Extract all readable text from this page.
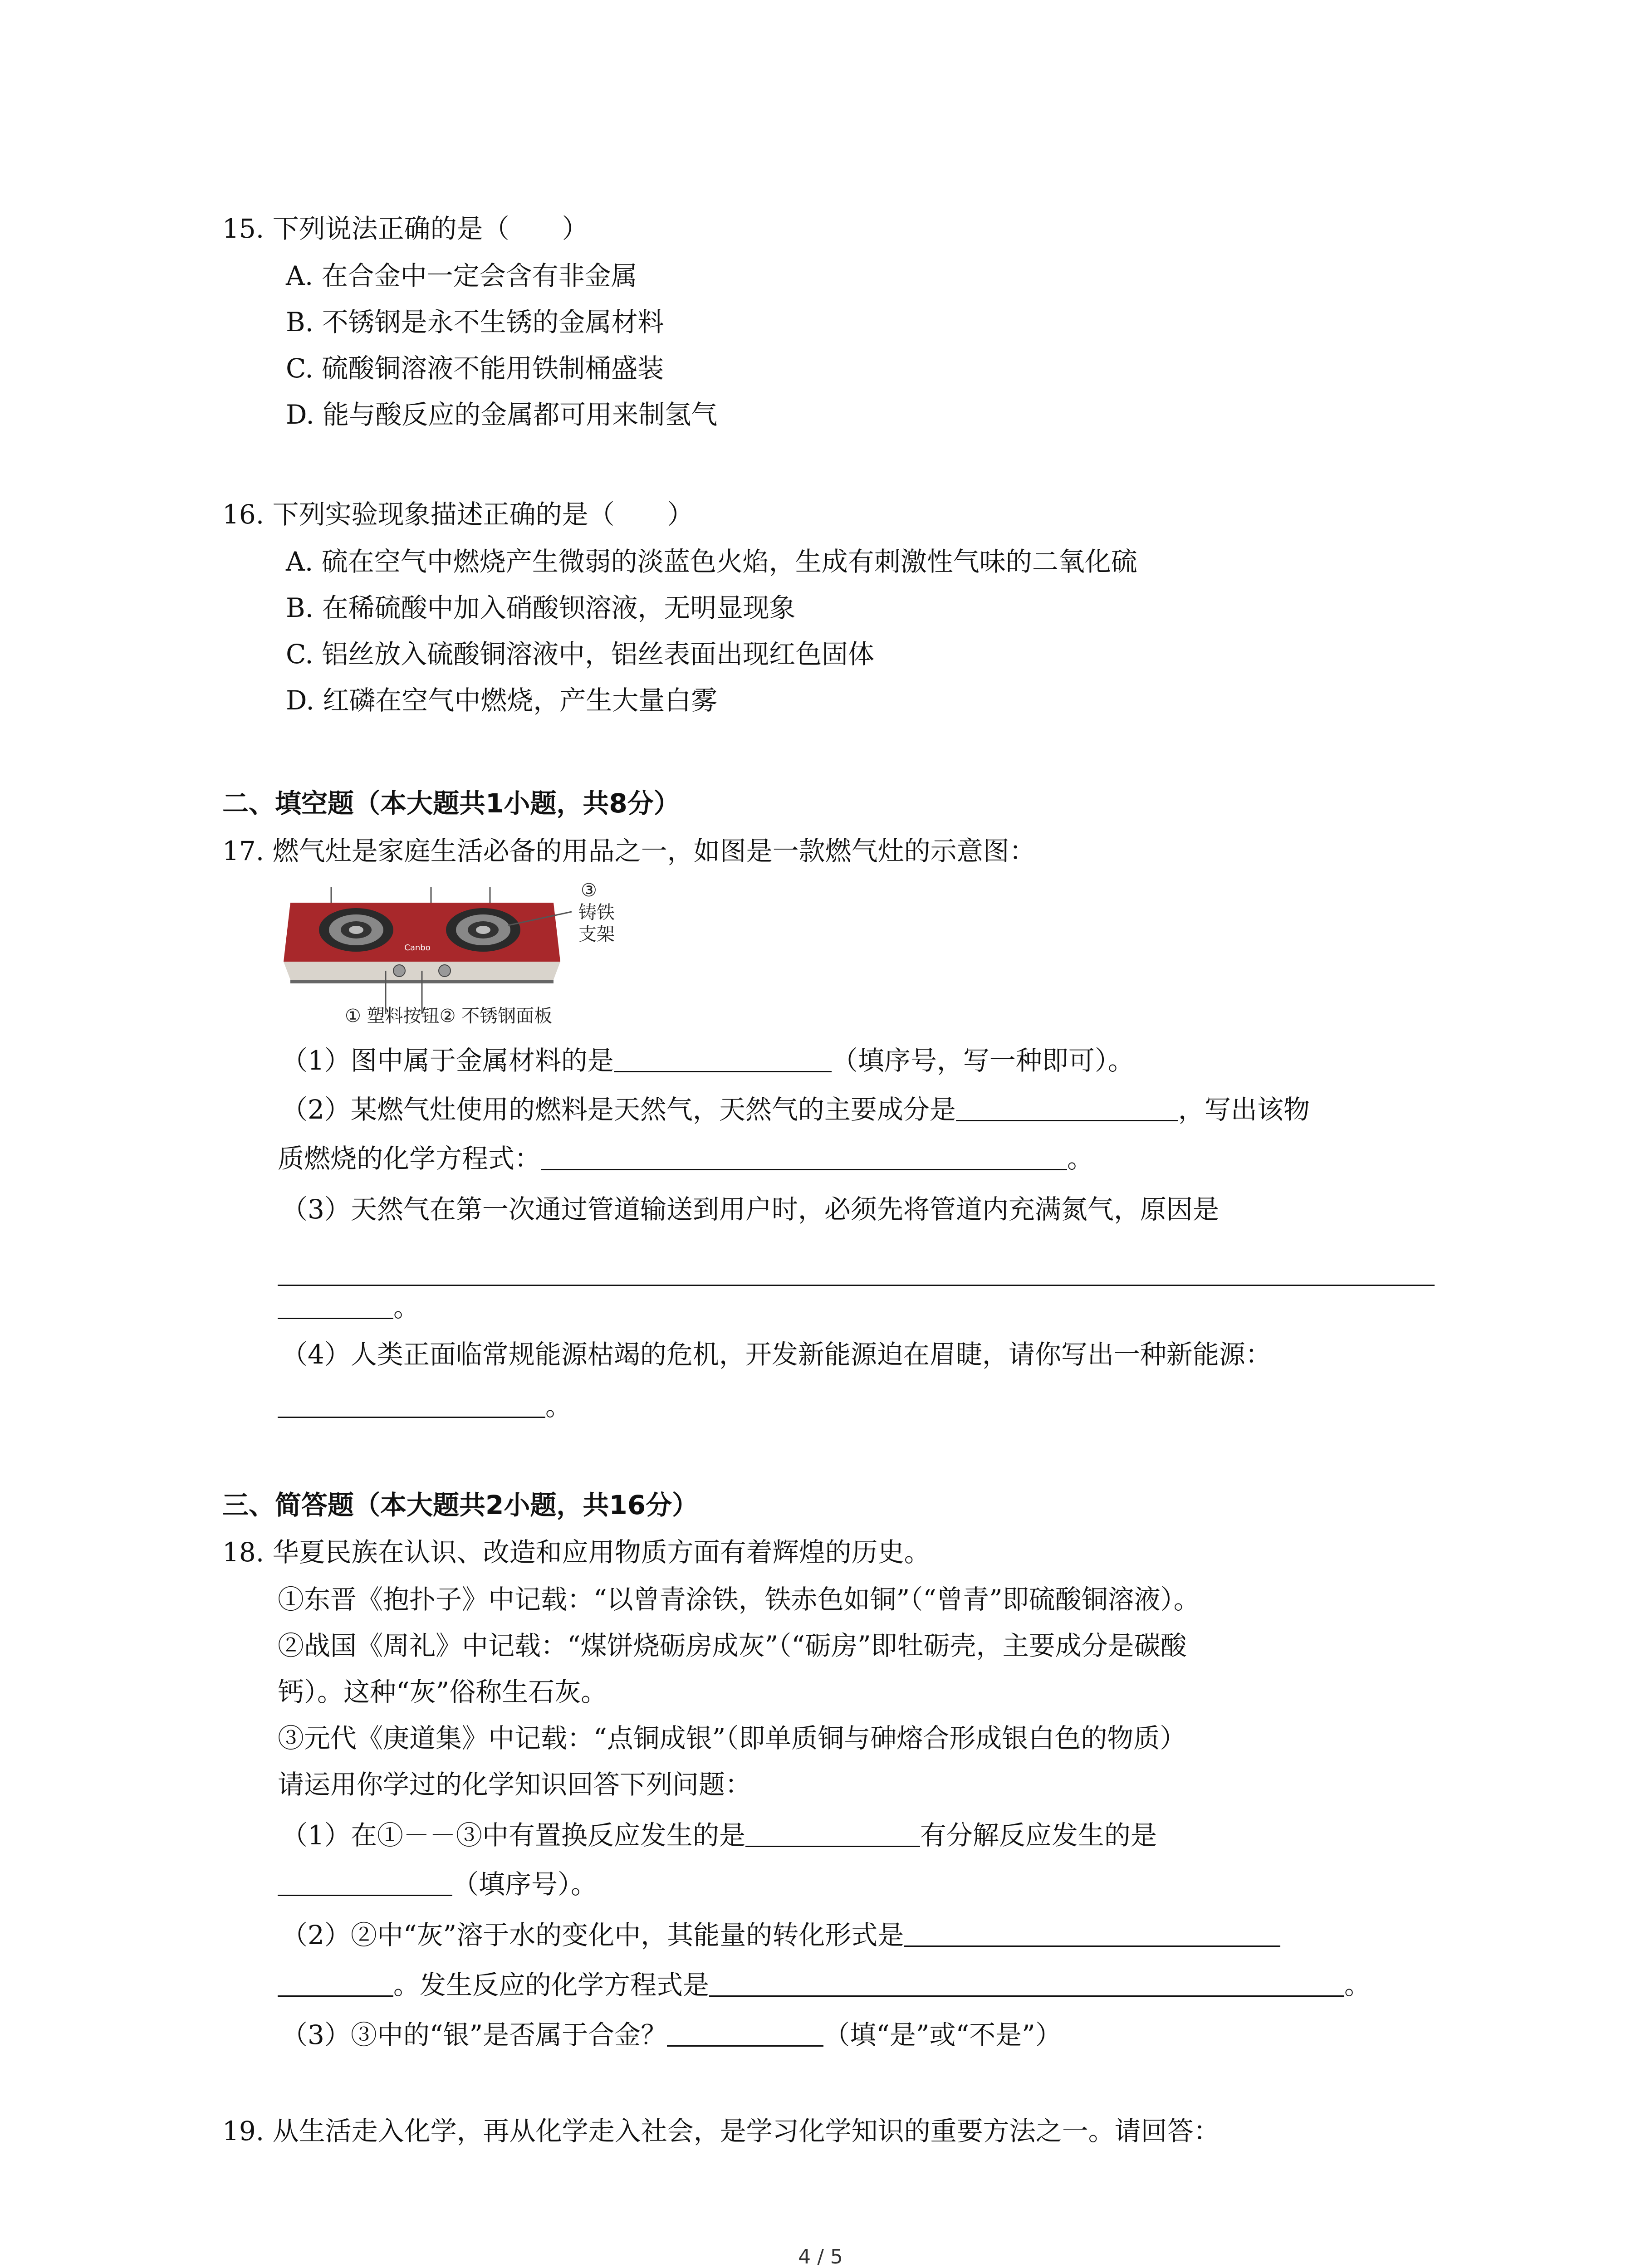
15. 下列说法正确的是（　　）
A. 在合金中一定会含有非金属
B. 不锈钢是永不生锈的金属材料
C. 硫酸铜溶液不能用铁制桶盛装
D. 能与酸反应的金属都可用来制氢气
16. 下列实验现象描述正确的是（　　）
A. 硫在空气中燃烧产生微弱的淡蓝色火焰，生成有刺激性气味的二氧化硫
B. 在稀硫酸中加入硝酸钡溶液，无明显现象
C. 铝丝放入硫酸铜溶液中，铝丝表面出现红色固体
D. 红磷在空气中燃烧，产生大量白雾
二、填空题（本大题共1小题，共8分）
17. 燃气灶是家庭生活必备的用品之一，如图是一款燃气灶的示意图：
Canbo
③
铸铁
支架
① 塑料按钮② 不锈钢面板
（1）图中属于金属材料的是	（填序号，写一种即可）。
（2）某燃气灶使用的燃料是天然气，天然气的主要成分是	，写出该物
质燃烧的化学方程式：	。
（3）天然气在第一次通过管道输送到用户时，必须先将管道内充满氮气，原因是
。
（4）人类正面临常规能源枯竭的危机，开发新能源迫在眉睫，请你写出一种新能源：
。
三、简答题（本大题共2小题，共16分）
18. 华夏民族在认识、改造和应用物质方面有着辉煌的历史。
①东晋《抱扑子》中记载：“以曾青涂铁，铁赤色如铜”（“曾青”即硫酸铜溶液）。
②战国《周礼》中记载：“煤饼烧砺房成灰”（“砺房”即牡砺壳，主要成分是碳酸
钙）。这种“灰”俗称生石灰。
③元代《庚道集》中记载：“点铜成银”（即单质铜与砷熔合形成银白色的物质）
请运用你学过的化学知识回答下列问题：
（1）在①－－③中有置换反应发生的是	有分解反应发生的是
（填序号）。
（2）②中“灰”溶于水的变化中，其能量的转化形式是
。发生反应的化学方程式是	。
（3）③中的“银”是否属于合金？	（填“是”或“不是”）
19. 从生活走入化学，再从化学走入社会，是学习化学知识的重要方法之一。请回答：
4 / 5
